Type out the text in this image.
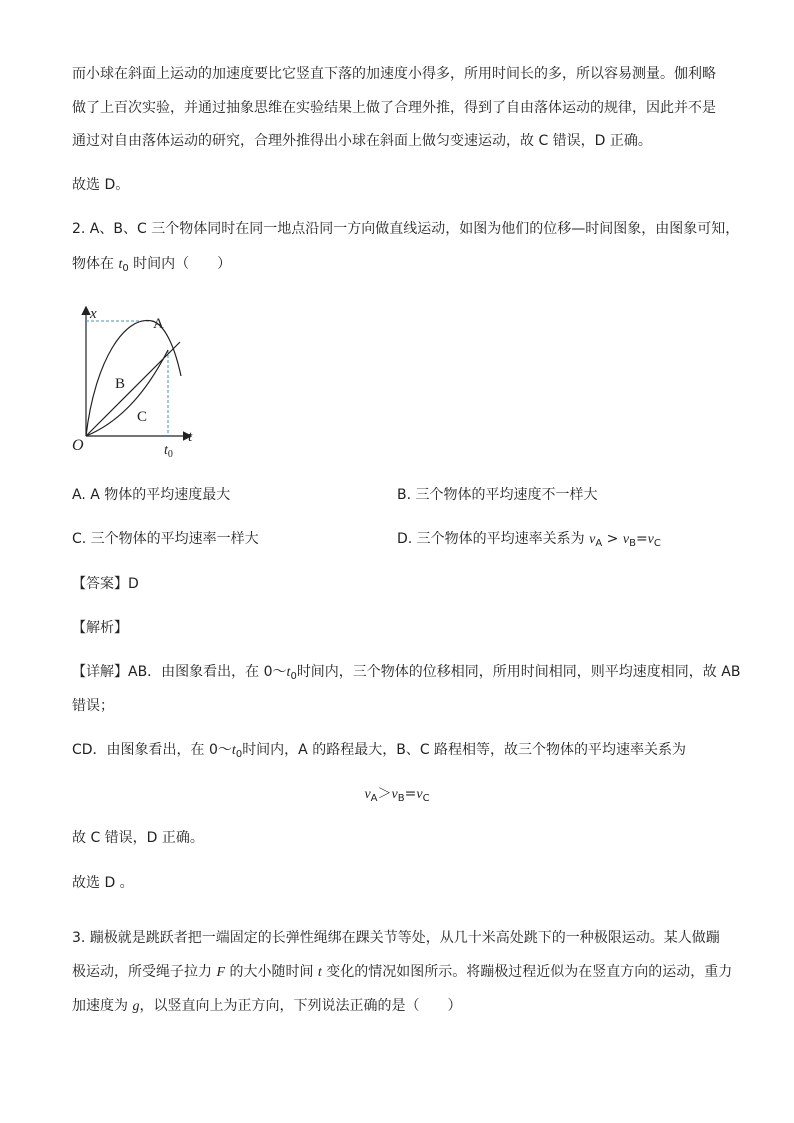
而小球在斜面上运动的加速度要比它竖直下落的加速度小得多，所用时间长的多，所以容易测量。伽利略
做了上百次实验，并通过抽象思维在实验结果上做了合理外推，得到了自由落体运动的规律，因此并不是
通过对自由落体运动的研究，合理外推得出小球在斜面上做匀变速运动，故 C 错误，D 正确。
故选 D。
2. A、B、C 三个物体同时在同一地点沿同一方向做直线运动，如图为他们的位移—时间图象，由图象可知，
物体在 $t_0$ 时间内（　　）
x
t
O
A
B
C
$t_0$
A. A 物体的平均速度最大	B. 三个物体的平均速度不一样大
C. 三个物体的平均速率一样大	D. 三个物体的平均速率关系为 $v_A > v_B=v_C$
【答案】D
【解析】
【详解】AB．由图象看出，在 $0\sim t_0$时间内，三个物体的位移相同，所用时间相同，则平均速度相同，故 AB
错误；
CD．由图象看出，在 $0\sim t_0$时间内，A 的路程最大，B、C 路程相等，故三个物体的平均速率关系为
$v_A>v_B=v_C$
故 C 错误，D 正确。
故选 D 。
3. 蹦极就是跳跃者把一端固定的长弹性绳绑在踝关节等处，从几十米高处跳下的一种极限运动。某人做蹦
极运动，所受绳子拉力 F 的大小随时间 t 变化的情况如图所示。将蹦极过程近似为在竖直方向的运动，重力
加速度为 g，以竖直向上为正方向，下列说法正确的是（　　）
